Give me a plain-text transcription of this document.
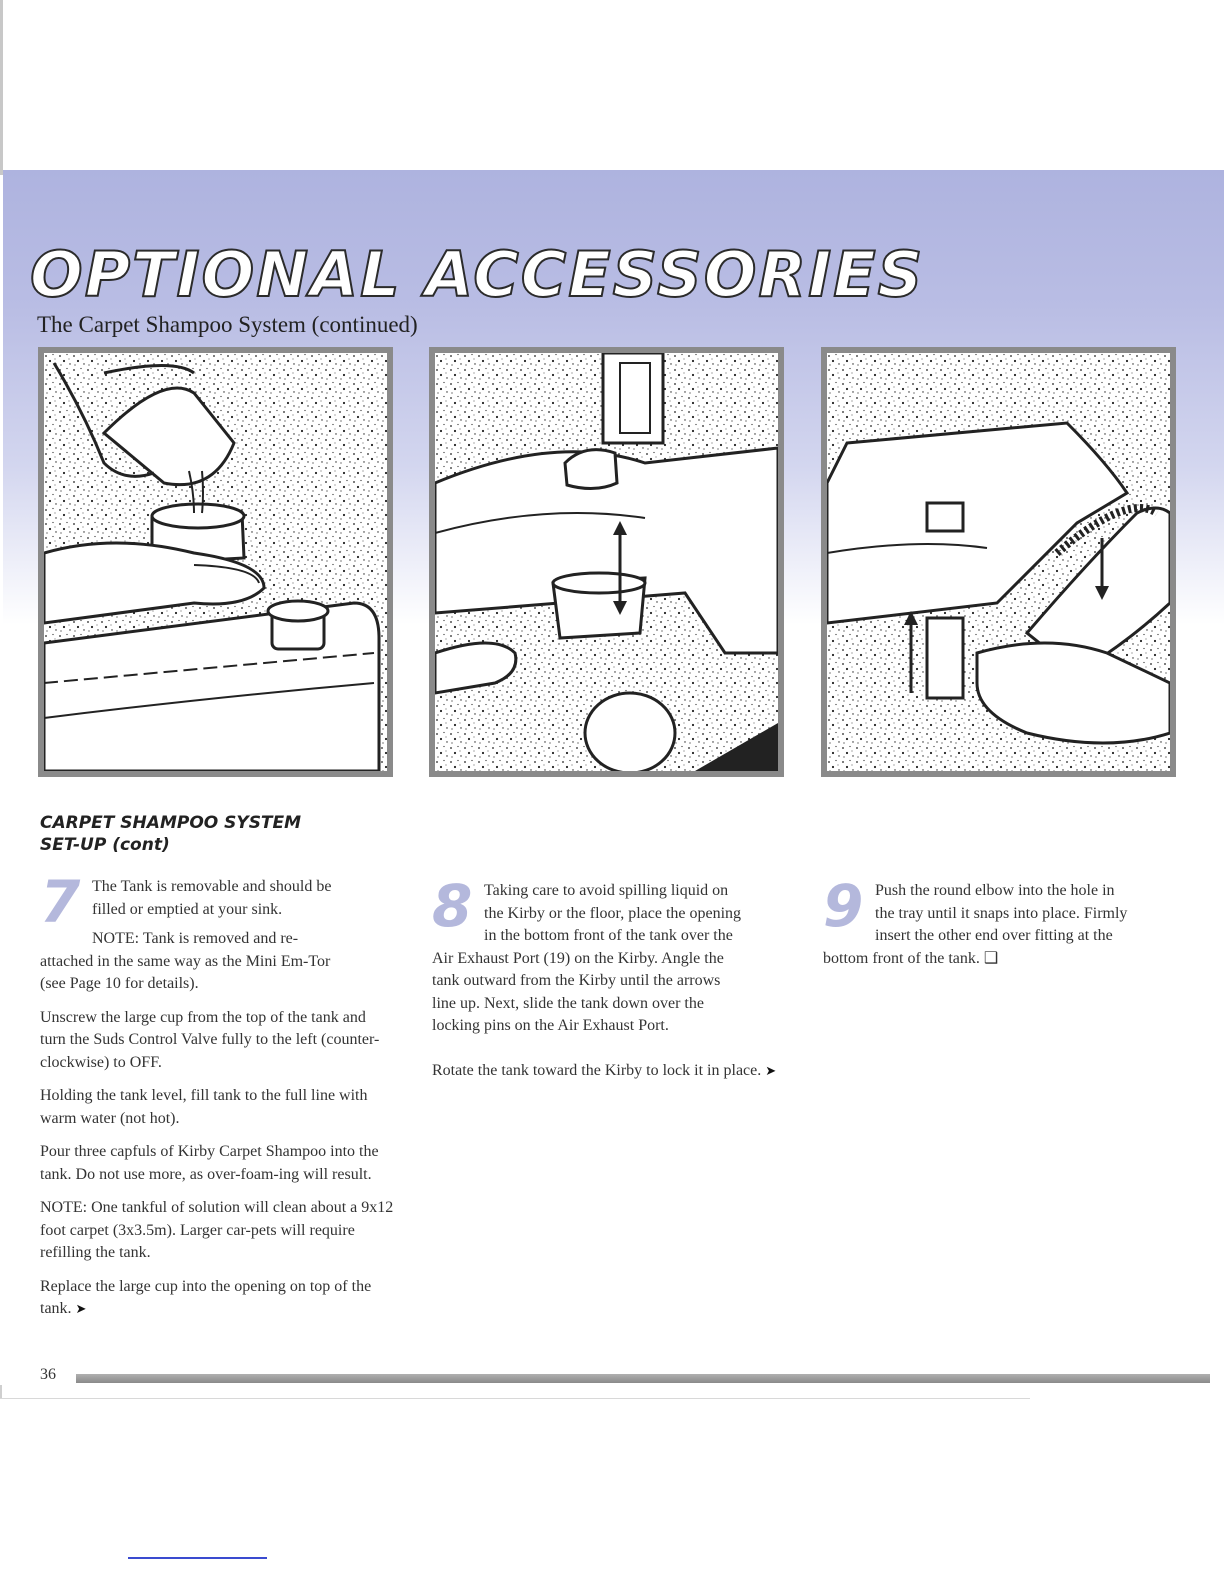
OPTIONAL ACCESSORIES
The Carpet Shampoo System (continued)
CARPET SHAMPOO SYSTEM
SET-UP (cont)
7 The Tank is removable and should be
filled or emptied at your sink.
NOTE: Tank is removed and re-
attached in the same way as the Mini Em-Tor
(see Page 10 for details).

Unscrew the large cup from the top of the tank and turn the Suds Control Valve fully to the left (counter-clockwise) to OFF.

Holding the tank level, fill tank to the full line with warm water (not hot).

Pour three capfuls of Kirby Carpet Shampoo into the tank. Do not use more, as over-foam-ing will result.

NOTE: One tankful of solution will clean about a 9x12 foot carpet (3x3.5m). Larger car-pets will require refilling the tank.

Replace the large cup into the opening on top of the tank. ➤

8 Taking care to avoid spilling liquid on
the Kirby or the floor, place the opening
in the bottom front of the tank over the
Air Exhaust Port (19) on the Kirby. Angle the
tank outward from the Kirby until the arrows
line up. Next, slide the tank down over the
locking pins on the Air Exhaust Port.

Rotate the tank toward the Kirby to lock it in place. ➤

9 Push the round elbow into the hole in
the tray until it snaps into place. Firmly
insert the other end over fitting at the
bottom front of the tank. ❑
36
